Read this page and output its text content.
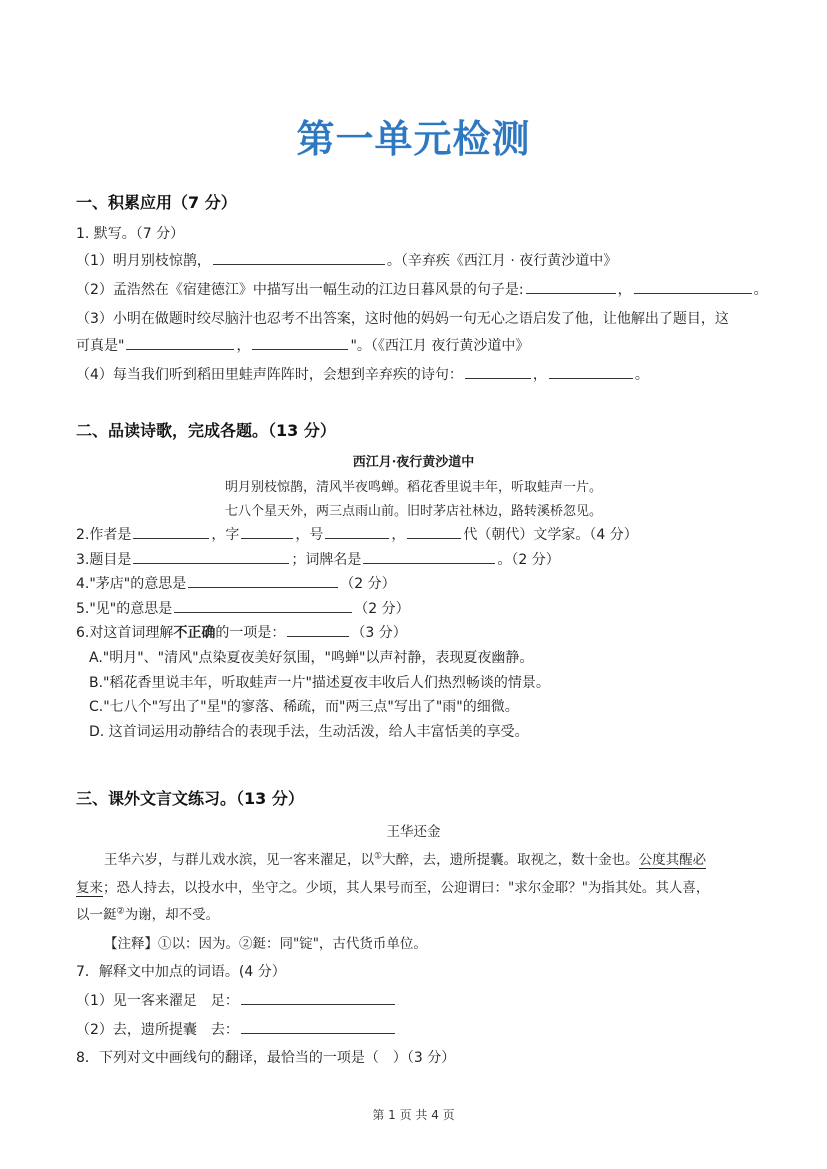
第一单元检测
一、积累应用（7 分）
1. 默写。（7 分）
（1）明月别枝惊鹊，	。（辛弃疾《西江月 · 夜行黄沙道中》
（2）孟浩然在《宿建德江》中描写出一幅生动的江边日暮风景的句子是:	，	。
（3）小明在做题时绞尽脑汁也忍考不出答案，这时他的妈妈一句无心之语启发了他，让他解出了题目，这
可真是"	，	"。（《西江月 夜行黄沙道中》
（4）每当我们听到稻田里蛙声阵阵时，会想到辛弃疾的诗句：	，	。
二、品读诗歌，完成各题。（13 分）
西江月·夜行黄沙道中
明月别枝惊鹊，清风半夜鸣蝉。稻花香里说丰年，听取蛙声一片。
七八个星天外，两三点雨山前。旧时茅店社林边，路转溪桥忽见。
2.作者是	，字	，号	，	代（朝代）文学家。（4 分）
3.题目是	；词牌名是	。（2 分）
4."茅店"的意思是	（2 分）
5."见"的意思是	（2 分）
6.对这首词理解不正确的一项是：	（3 分）
A."明月"、"清风"点染夏夜美好氛围，"鸣蝉"以声衬静，表现夏夜幽静。
B."稻花香里说丰年，听取蛙声一片"描述夏夜丰收后人们热烈畅谈的情景。
C."七八个"写出了"星"的寥落、稀疏，而"两三点"写出了"雨"的细微。
D. 这首词运用动静结合的表现手法，生动活泼，给人丰富恬美的享受。
三、课外文言文练习。（13 分）
王华还金
王华六岁，与群儿戏水滨，见一客来濯足，以①大醉，去，遗所提囊。取视之，数十金也。公度其醒必
复来；恐人持去，以投水中，坐守之。少顷，其人果号而至，公迎谓曰："求尔金耶？"为指其处。其人喜，
以一鋌②为谢，却不受。
【注释】①以：因为。②鋌：同"锭"，古代货币单位。
7．解释文中加点的词语。(4 分）
（1）见一客来濯足　足：
（2）去，遗所提囊　去：
8．下列对文中画线句的翻译，最恰当的一项是（　）（3 分）
第 1 页 共 4 页
